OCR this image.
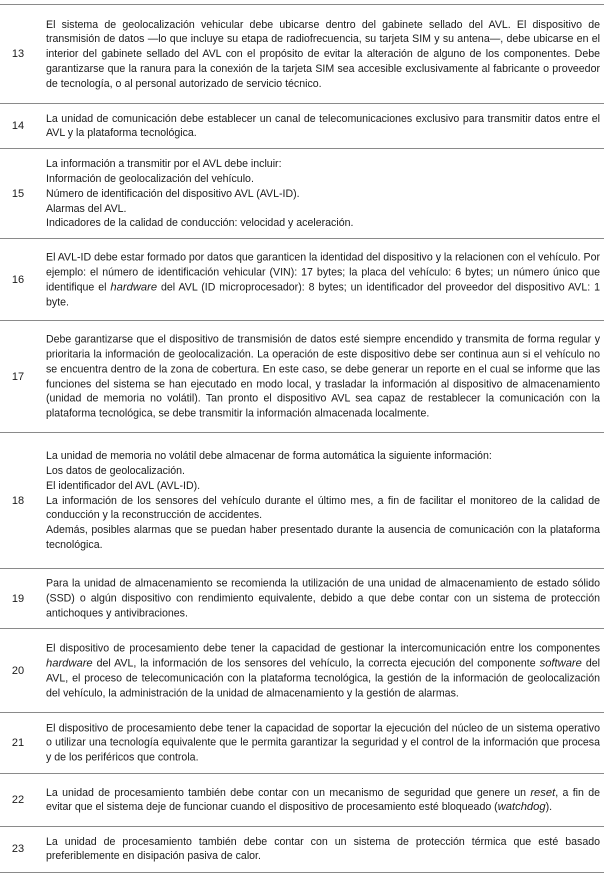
13

El sistema de geolocalización vehicular debe ubicarse dentro del gabinete sellado del AVL. El dispositivo de transmisión de datos —lo que incluye su etapa de radiofrecuencia, su tarjeta SIM y su antena—, debe ubicarse en el interior del gabinete sellado del AVL con el propósito de evitar la alteración de alguno de los componentes. Debe garantizarse que la ranura para la conexión de la tarjeta SIM sea accesible exclusivamente al fabricante o proveedor de tecnología, o al personal autorizado de servicio técnico.

14

La unidad de comunicación debe establecer un canal de telecomunicaciones exclusivo para transmitir datos entre el AVL y la plataforma tecnológica.

15

La información a transmitir por el AVL debe incluir:

Información de geolocalización del vehículo.

Número de identificación del dispositivo AVL (AVL-ID).

Alarmas del AVL.

Indicadores de la calidad de conducción: velocidad y aceleración.

16

El AVL-ID debe estar formado por datos que garanticen la identidad del dispositivo y la relacionen con el vehículo. Por ejemplo: el número de identificación vehicular (VIN): 17 bytes; la placa del vehículo: 6 bytes; un número único que identifique el hardware del AVL (ID microprocesador): 8 bytes; un identificador del proveedor del dispositivo AVL: 1 byte.

17

Debe garantizarse que el dispositivo de transmisión de datos esté siempre encendido y transmita de forma regular y prioritaria la información de geolocalización. La operación de este dispositivo debe ser continua aun si el vehículo no se encuentra dentro de la zona de cobertura. En este caso, se debe generar un reporte en el cual se informe que las funciones del sistema se han ejecutado en modo local, y trasladar la información al dispositivo de almacenamiento (unidad de memoria no volátil). Tan pronto el dispositivo AVL sea capaz de restablecer la comunicación con la plataforma tecnológica, se debe transmitir la información almacenada localmente.

18

La unidad de memoria no volátil debe almacenar de forma automática la siguiente información:

Los datos de geolocalización.

El identificador del AVL (AVL-ID).

La información de los sensores del vehículo durante el último mes, a fin de facilitar el monitoreo de la calidad de conducción y la reconstrucción de accidentes.

Además, posibles alarmas que se puedan haber presentado durante la ausencia de comunicación con la plataforma tecnológica.

19

Para la unidad de almacenamiento se recomienda la utilización de una unidad de almacenamiento de estado sólido (SSD) o algún dispositivo con rendimiento equivalente, debido a que debe contar con un sistema de protección antichoques y antivibraciones.

20

El dispositivo de procesamiento debe tener la capacidad de gestionar la intercomunicación entre los componentes hardware del AVL, la información de los sensores del vehículo, la correcta ejecución del componente software del AVL, el proceso de telecomunicación con la plataforma tecnológica, la gestión de la información de geolocalización del vehículo, la administración de la unidad de almacenamiento y la gestión de alarmas.

21

El dispositivo de procesamiento debe tener la capacidad de soportar la ejecución del núcleo de un sistema operativo o utilizar una tecnología equivalente que le permita garantizar la seguridad y el control de la información que procesa y de los periféricos que controla.

22

La unidad de procesamiento también debe contar con un mecanismo de seguridad que genere un reset, a fin de evitar que el sistema deje de funcionar cuando el dispositivo de procesamiento esté bloqueado (watchdog).

23

La unidad de procesamiento también debe contar con un sistema de protección térmica que esté basado preferiblemente en disipación pasiva de calor.
